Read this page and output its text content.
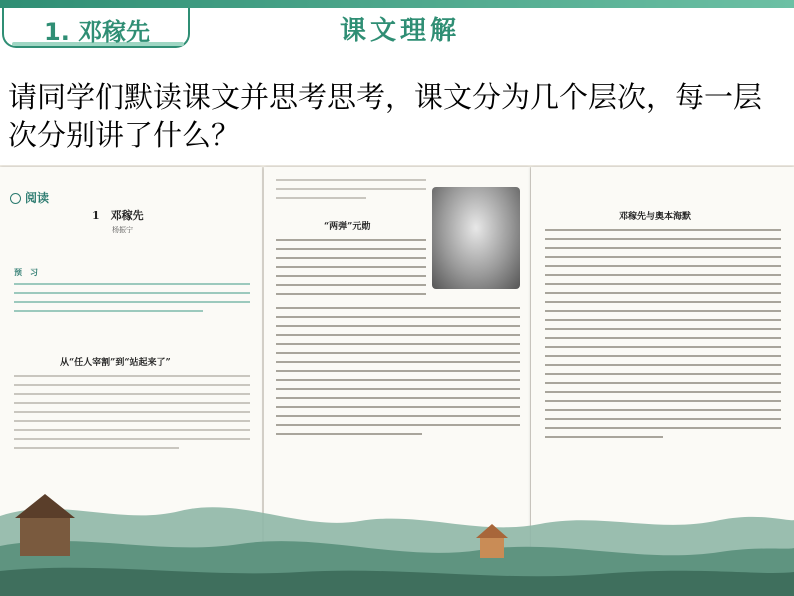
1. 邓稼先	课文理解
请同学们默读课文并思考思考，课文分为几个层次，每一层次分别讲了什么？
阅读
1　邓稼先
杨振宁
预　习
从“任人宰割”到“站起来了”
“两弹”元勋
邓稼先与奥本海默
